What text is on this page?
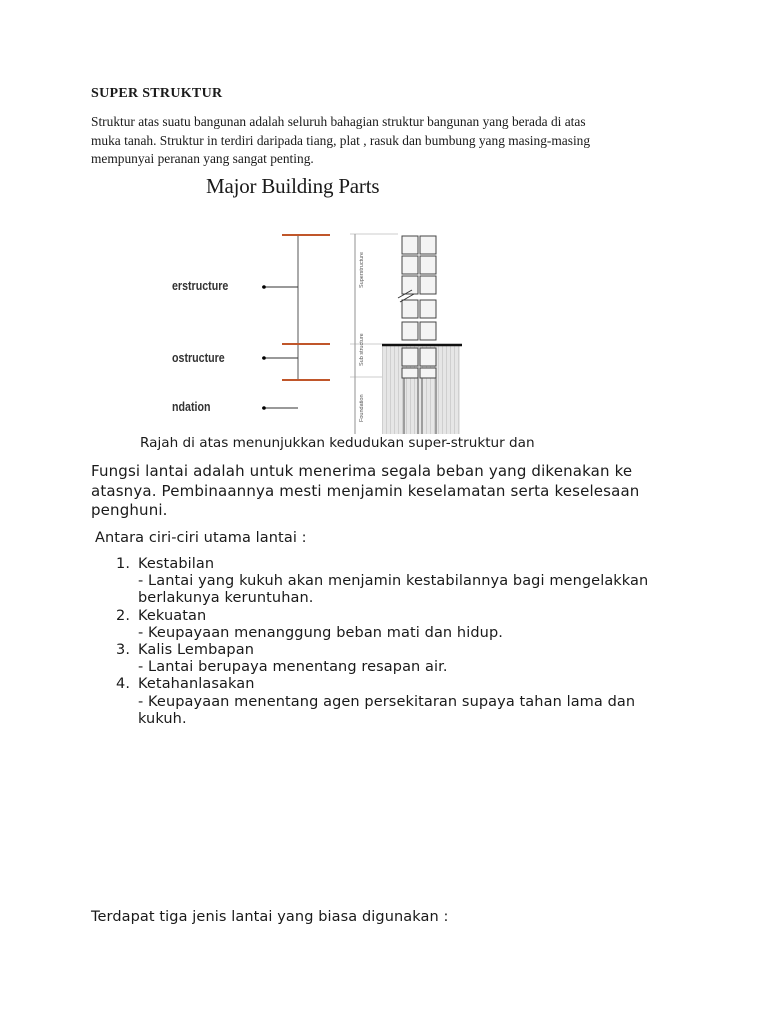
SUPER STRUKTUR
Struktur atas suatu bangunan adalah seluruh bahagian struktur bangunan yang berada di atas
muka tanah. Struktur in terdiri daripada tiang, plat , rasuk dan bumbung yang masing-masing
mempunyai peranan yang sangat penting.
Superstructure
Sub structure
Foundation
Major Building Parts
erstructure
ostructure
ndation
Rajah di atas menunjukkan kedudukan super-struktur dan
Fungsi lantai adalah untuk menerima segala beban yang dikenakan ke
atasnya. Pembinaannya mesti menjamin keselamatan serta keselesaan
penghuni.
Antara ciri-ciri utama lantai :
1. Kestabilan
- Lantai yang kukuh akan menjamin kestabilannya bagi mengelakkan
berlakunya keruntuhan.
2. Kekuatan
- Keupayaan menanggung beban mati dan hidup.
3. Kalis Lembapan
- Lantai berupaya menentang resapan air.
4. Ketahanlasakan
- Keupayaan menentang agen persekitaran supaya tahan lama dan
kukuh.
Terdapat tiga jenis lantai yang biasa digunakan :
